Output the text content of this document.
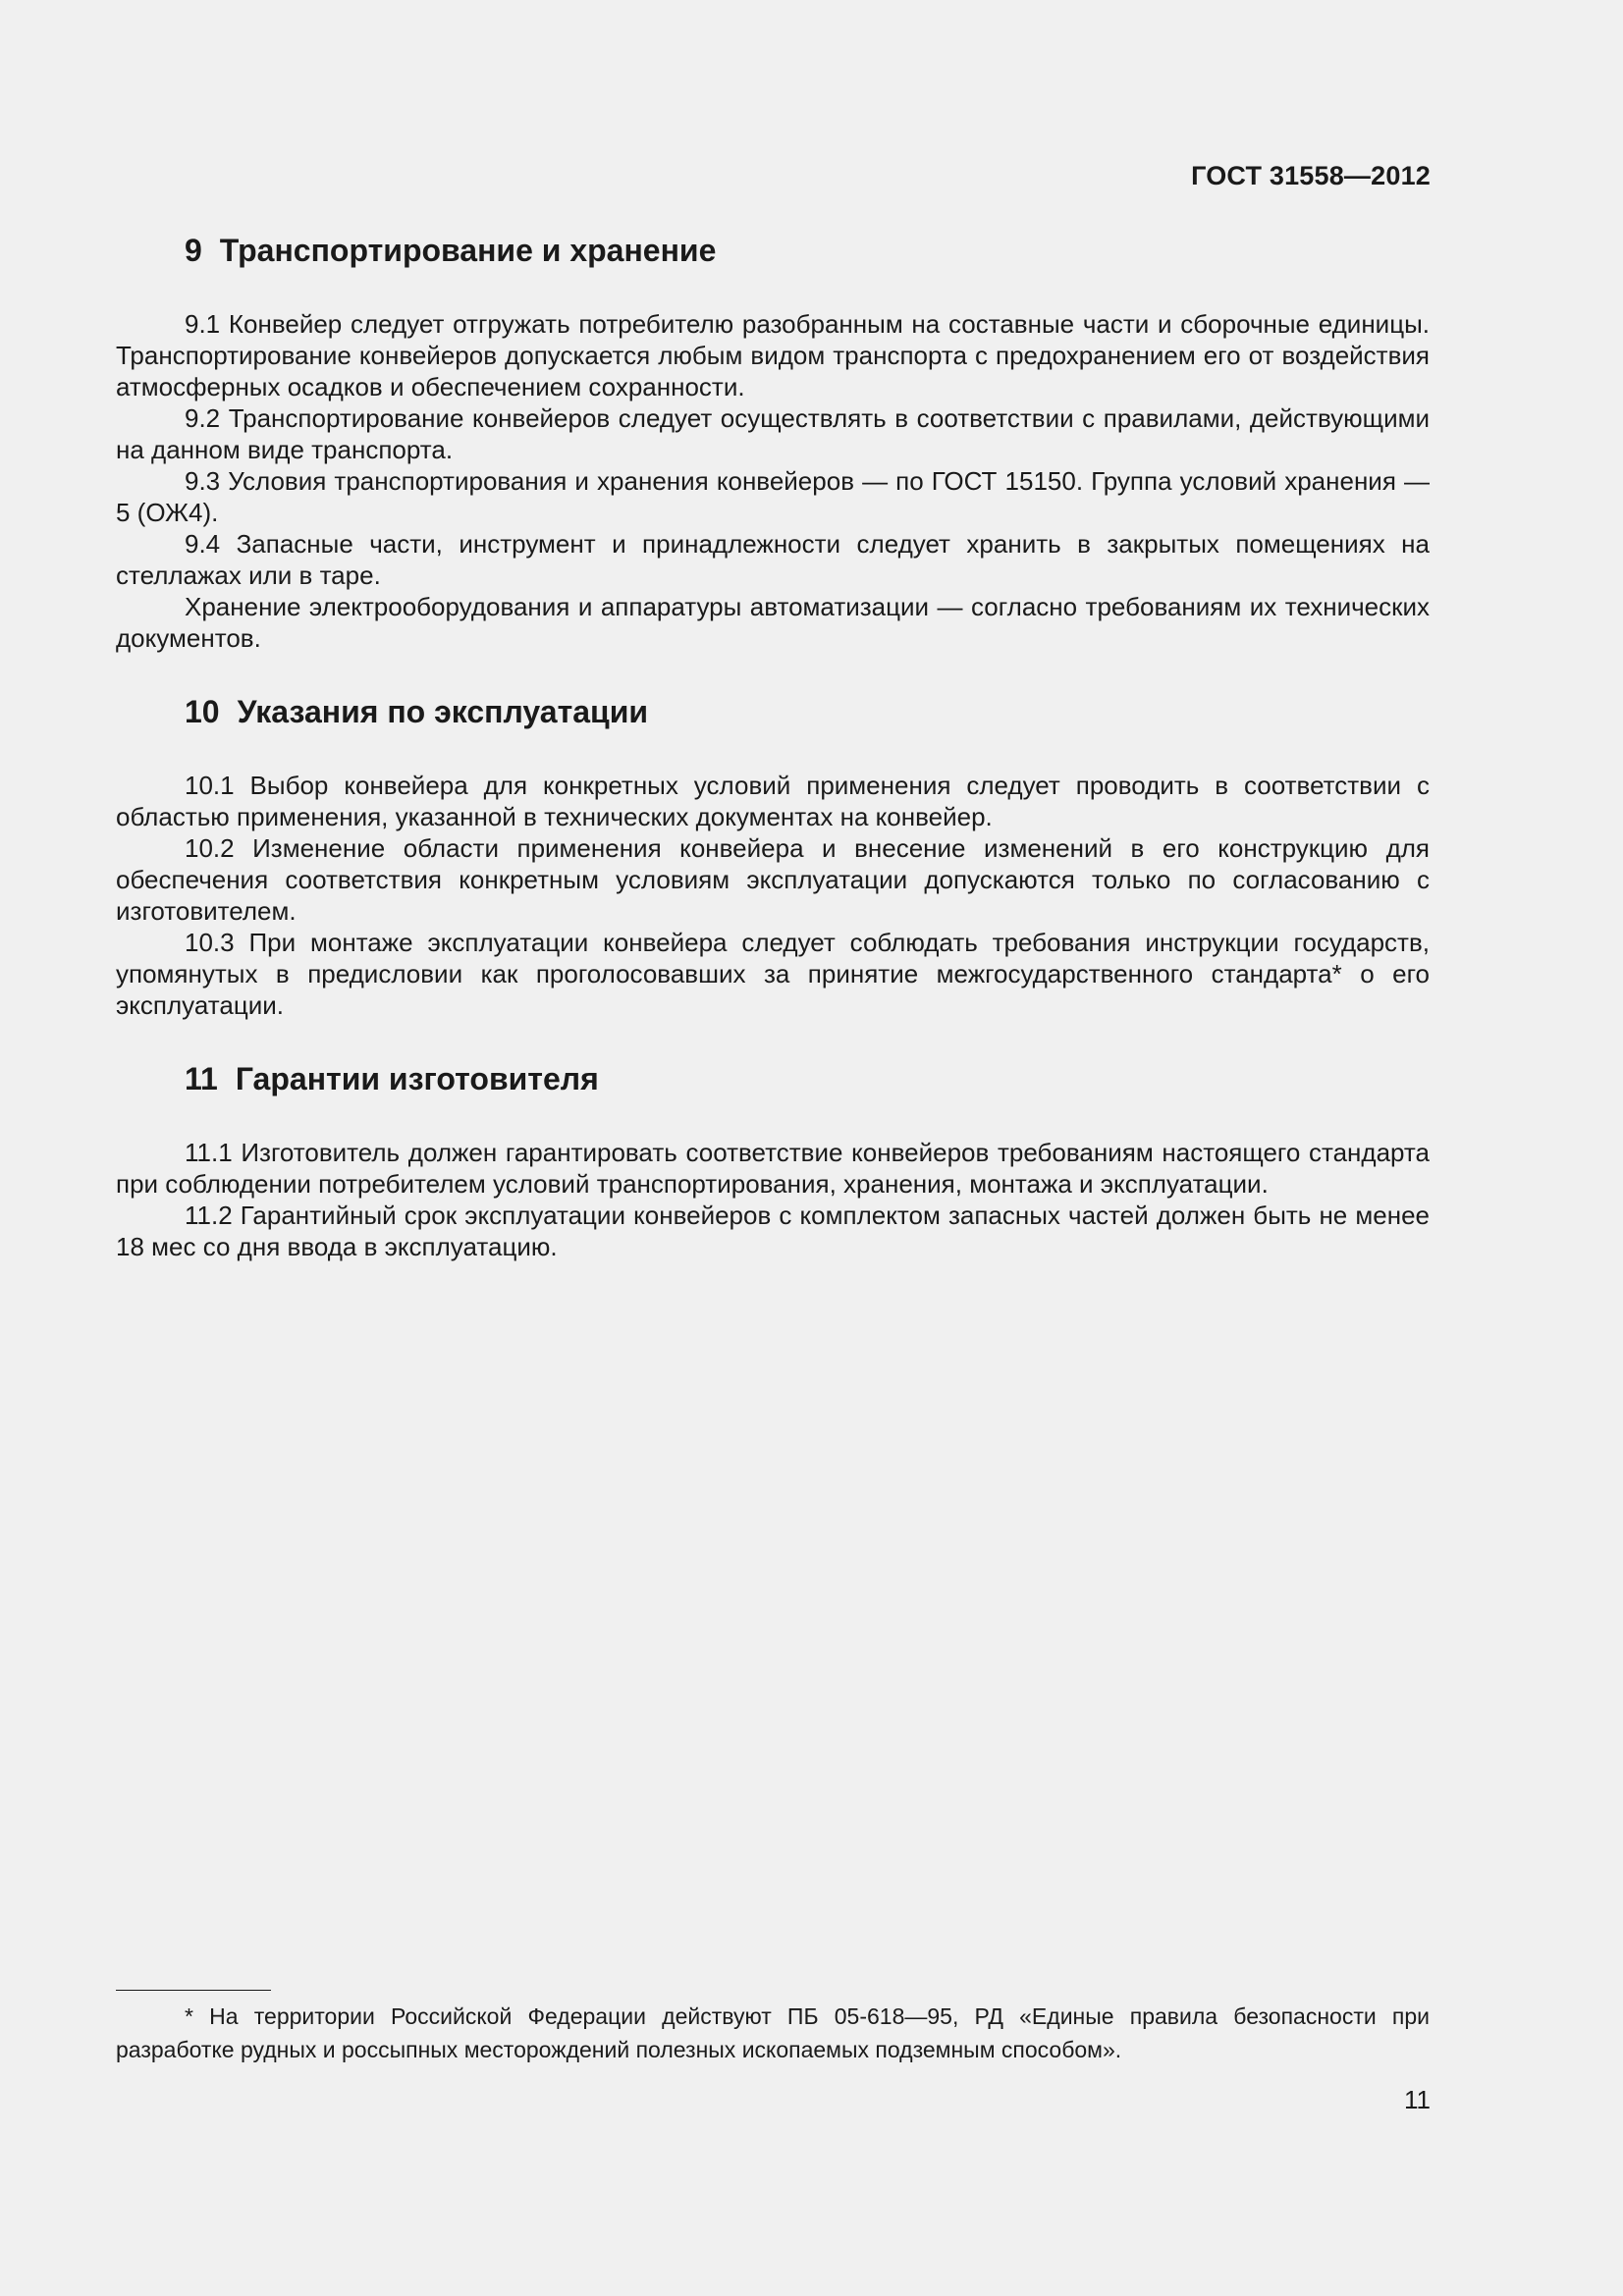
ГОСТ 31558—2012
9 Транспортирование и хранение

9.1 Конвейер следует отгружать потребителю разобранным на составные части и сборочные единицы. Транспортирование конвейеров допускается любым видом транспорта с предохранением его от воздействия атмосферных осадков и обеспечением сохранности.

9.2 Транспортирование конвейеров следует осуществлять в соответствии с правилами, действующими на данном виде транспорта.

9.3 Условия транспортирования и хранения конвейеров — по ГОСТ 15150. Группа условий хранения — 5 (ОЖ4).

9.4 Запасные части, инструмент и принадлежности следует хранить в закрытых помещениях на стеллажах или в таре.

Хранение электрооборудования и аппаратуры автоматизации — согласно требованиям их технических документов.

10 Указания по эксплуатации

10.1 Выбор конвейера для конкретных условий применения следует проводить в соответствии с областью применения, указанной в технических документах на конвейер.

10.2 Изменение области применения конвейера и внесение изменений в его конструкцию для обеспечения соответствия конкретным условиям эксплуатации допускаются только по согласованию с изготовителем.

10.3 При монтаже эксплуатации конвейера следует соблюдать требования инструкции государств, упомянутых в предисловии как проголосовавших за принятие межгосударственного стандарта* о его эксплуатации.

11 Гарантии изготовителя

11.1 Изготовитель должен гарантировать соответствие конвейеров требованиям настоящего стандарта при соблюдении потребителем условий транспортирования, хранения, монтажа и эксплуатации.

11.2 Гарантийный срок эксплуатации конвейеров с комплектом запасных частей должен быть не менее 18 мес со дня ввода в эксплуатацию.

* На территории Российской Федерации действуют ПБ 05-618—95, РД «Единые правила безопасности при разработке рудных и россыпных месторождений полезных ископаемых подземным способом».
11
